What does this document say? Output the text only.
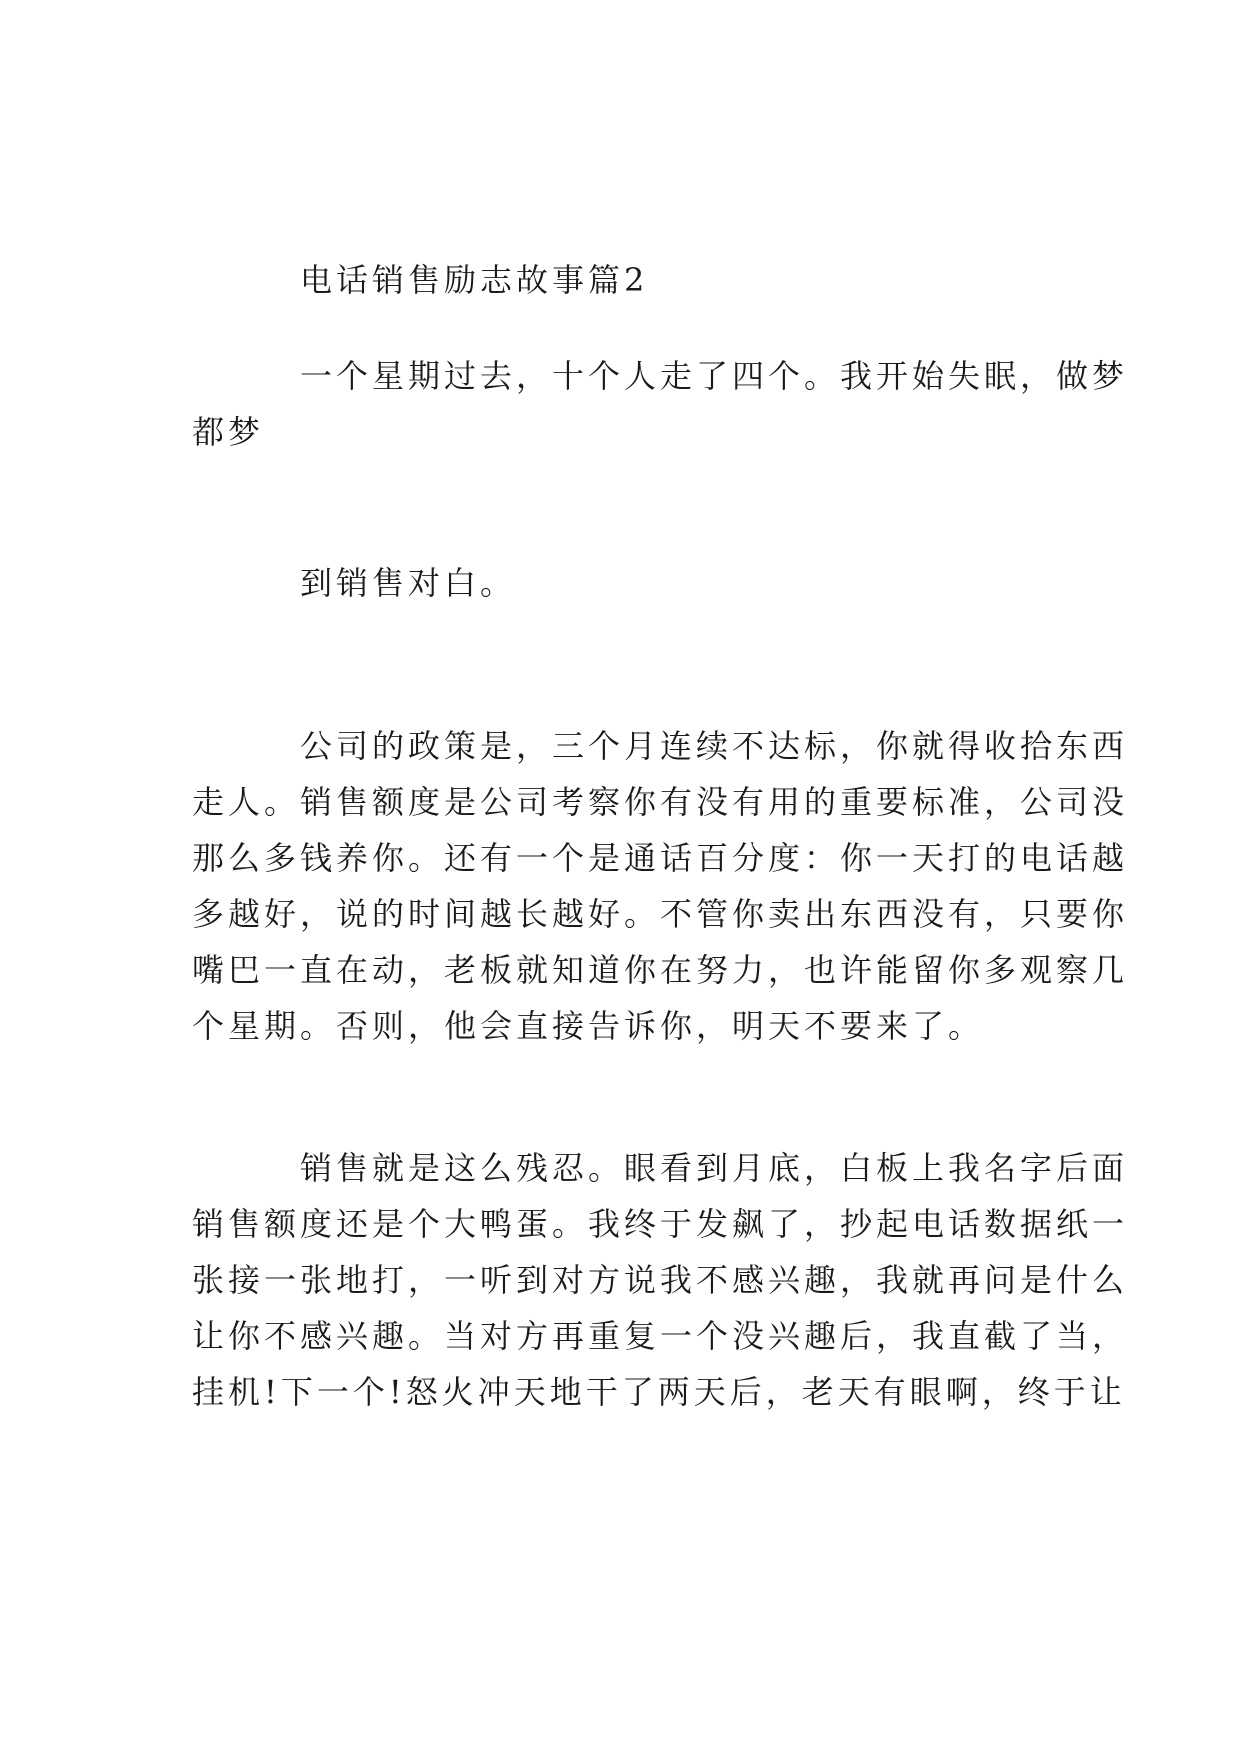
电话销售励志故事篇2
一个星期过去，十个人走了四个。我开始失眠，做梦
都梦
到销售对白。
公司的政策是，三个月连续不达标，你就得收拾东西
走人。销售额度是公司考察你有没有用的重要标准，公司没
那么多钱养你。还有一个是通话百分度：你一天打的电话越
多越好，说的时间越长越好。不管你卖出东西没有，只要你
嘴巴一直在动，老板就知道你在努力，也许能留你多观察几
个星期。否则，他会直接告诉你，明天不要来了。
销售就是这么残忍。眼看到月底，白板上我名字后面
销售额度还是个大鸭蛋。我终于发飙了，抄起电话数据纸一
张接一张地打，一听到对方说我不感兴趣，我就再问是什么
让你不感兴趣。当对方再重复一个没兴趣后，我直截了当，
挂机!下一个!怒火冲天地干了两天后，老天有眼啊，终于让
